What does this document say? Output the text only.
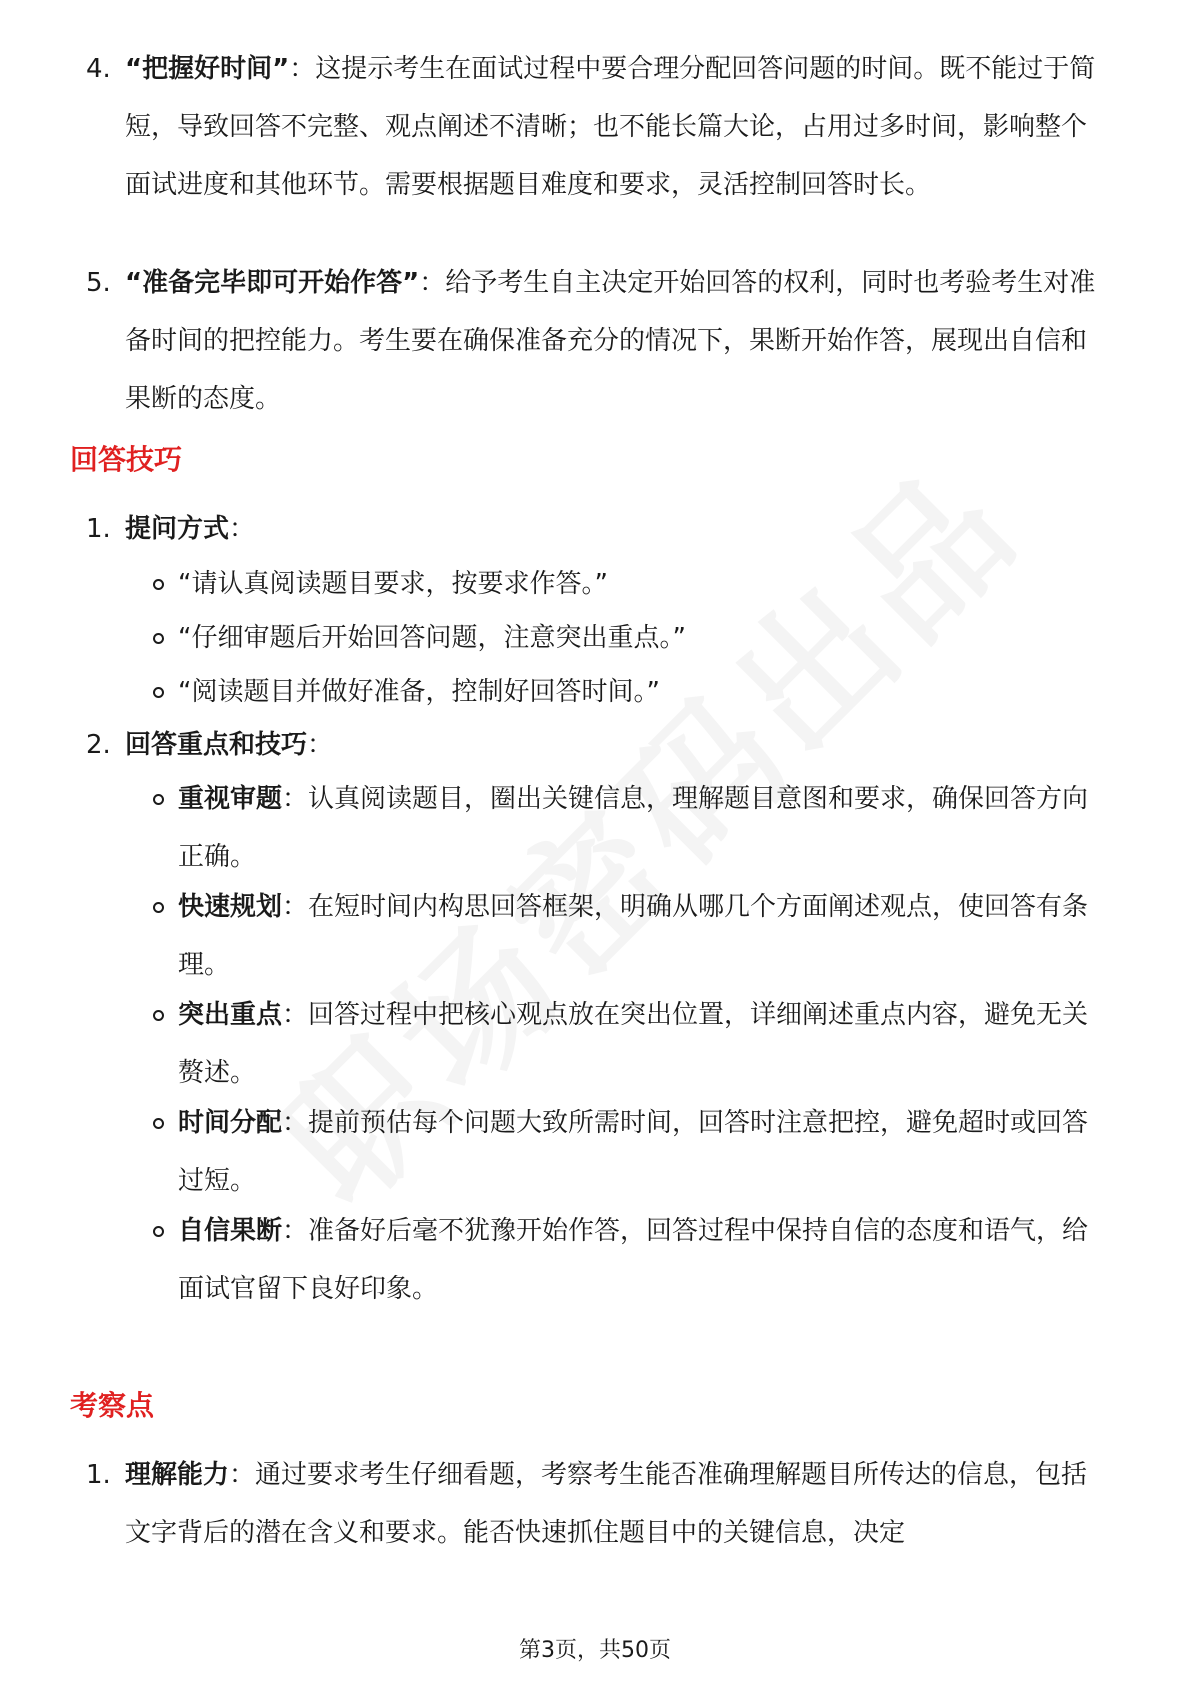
4. “把握好时间”：这提示考生在面试过程中要合理分配回答问题的时间。既不能过于简短，导致回答不完整、观点阐述不清晰；也不能长篇大论，占用过多时间，影响整个面试进度和其他环节。需要根据题目难度和要求，灵活控制回答时长。
5. “准备完毕即可开始作答”：给予考生自主决定开始回答的权利，同时也考验考生对准备时间的把控能力。考生要在确保准备充分的情况下，果断开始作答，展现出自信和果断的态度。
回答技巧
1. 提问方式：
“请认真阅读题目要求，按要求作答。”
“仔细审题后开始回答问题，注意突出重点。”
“阅读题目并做好准备，控制好回答时间。”
2. 回答重点和技巧：
重视审题：认真阅读题目，圈出关键信息，理解题目意图和要求，确保回答方向正确。
快速规划：在短时间内构思回答框架，明确从哪几个方面阐述观点，使回答有条理。
突出重点：回答过程中把核心观点放在突出位置，详细阐述重点内容，避免无关赘述。
时间分配：提前预估每个问题大致所需时间，回答时注意把控，避免超时或回答过短。
自信果断：准备好后毫不犹豫开始作答，回答过程中保持自信的态度和语气，给面试官留下良好印象。
考察点
1. 理解能力：通过要求考生仔细看题，考察考生能否准确理解题目所传达的信息，包括文字背后的潜在含义和要求。能否快速抓住题目中的关键信息，决定
第3页，共50页
